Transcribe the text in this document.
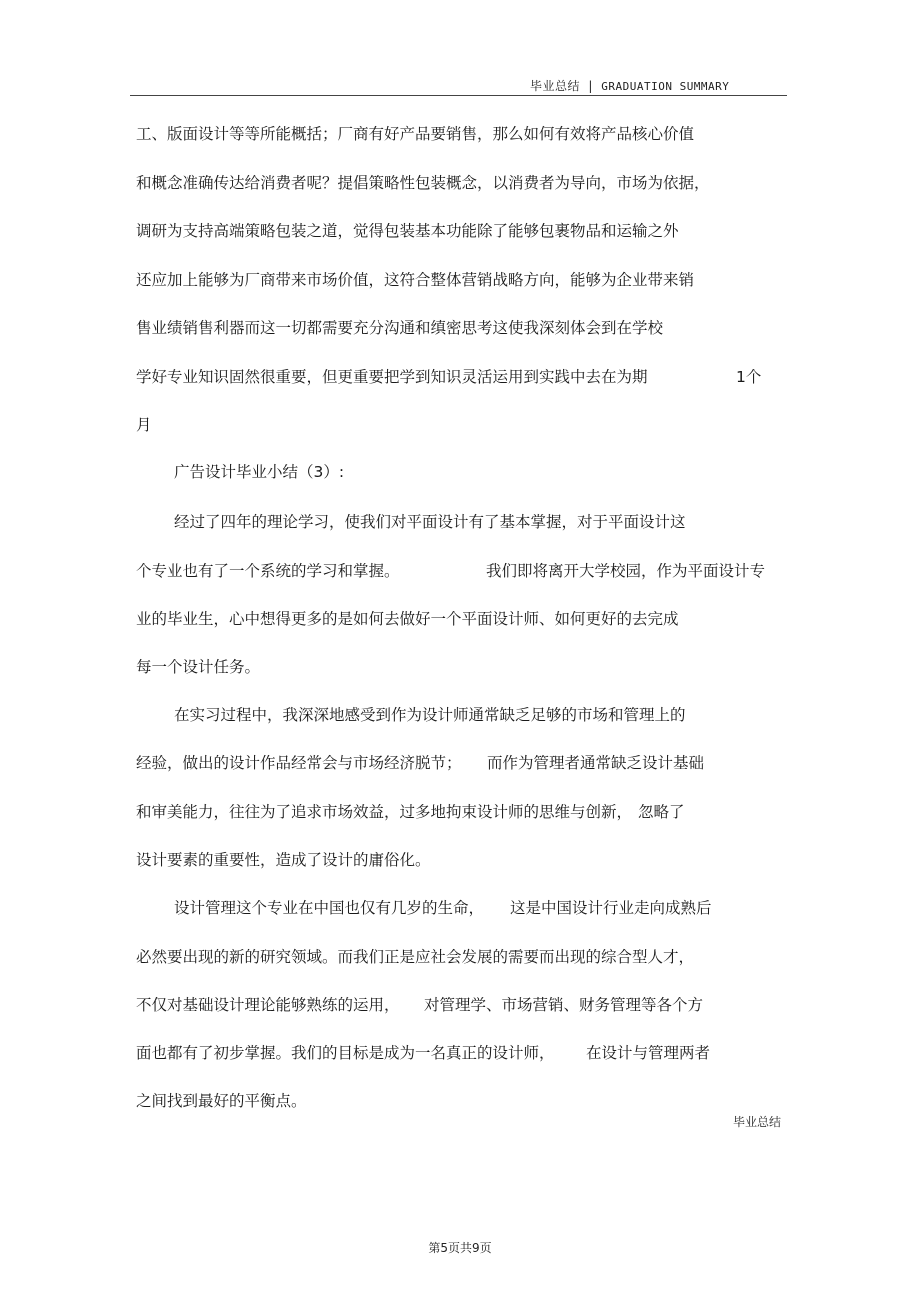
毕业总结 | GRADUATION SUMMARY
工、版面设计等等所能概括；厂商有好产品要销售，那么如何有效将产品核心价值
和概念准确传达给消费者呢？提倡策略性包装概念，以消费者为导向，市场为依据，
调研为支持高端策略包装之道，觉得包装基本功能除了能够包裹物品和运输之外
还应加上能够为厂商带来市场价值，这符合整体营销战略方向，能够为企业带来销
售业绩销售利器而这一切都需要充分沟通和缜密思考这使我深刻体会到在学校
学好专业知识固然很重要，但更重要把学到知识灵活运用到实践中去在为期	1个
月
广告设计毕业小结（3）:
经过了四年的理论学习，使我们对平面设计有了基本掌握，对于平面设计这
个专业也有了一个系统的学习和掌握。	我们即将离开大学校园，作为平面设计专
业的毕业生，心中想得更多的是如何去做好一个平面设计师、如何更好的去完成
每一个设计任务。
在实习过程中，我深深地感受到作为设计师通常缺乏足够的市场和管理上的
经验，做出的设计作品经常会与市场经济脱节； 而作为管理者通常缺乏设计基础
和审美能力，往往为了追求市场效益，过多地拘束设计师的思维与创新， 忽略了
设计要素的重要性，造成了设计的庸俗化。
设计管理这个专业在中国也仅有几岁的生命， 这是中国设计行业走向成熟后
必然要出现的新的研究领域。而我们正是应社会发展的需要而出现的综合型人才，
不仅对基础设计理论能够熟练的运用， 对管理学、市场营销、财务管理等各个方
面也都有了初步掌握。我们的目标是成为一名真正的设计师， 在设计与管理两者
之间找到最好的平衡点。
毕业总结
第5页共9页
